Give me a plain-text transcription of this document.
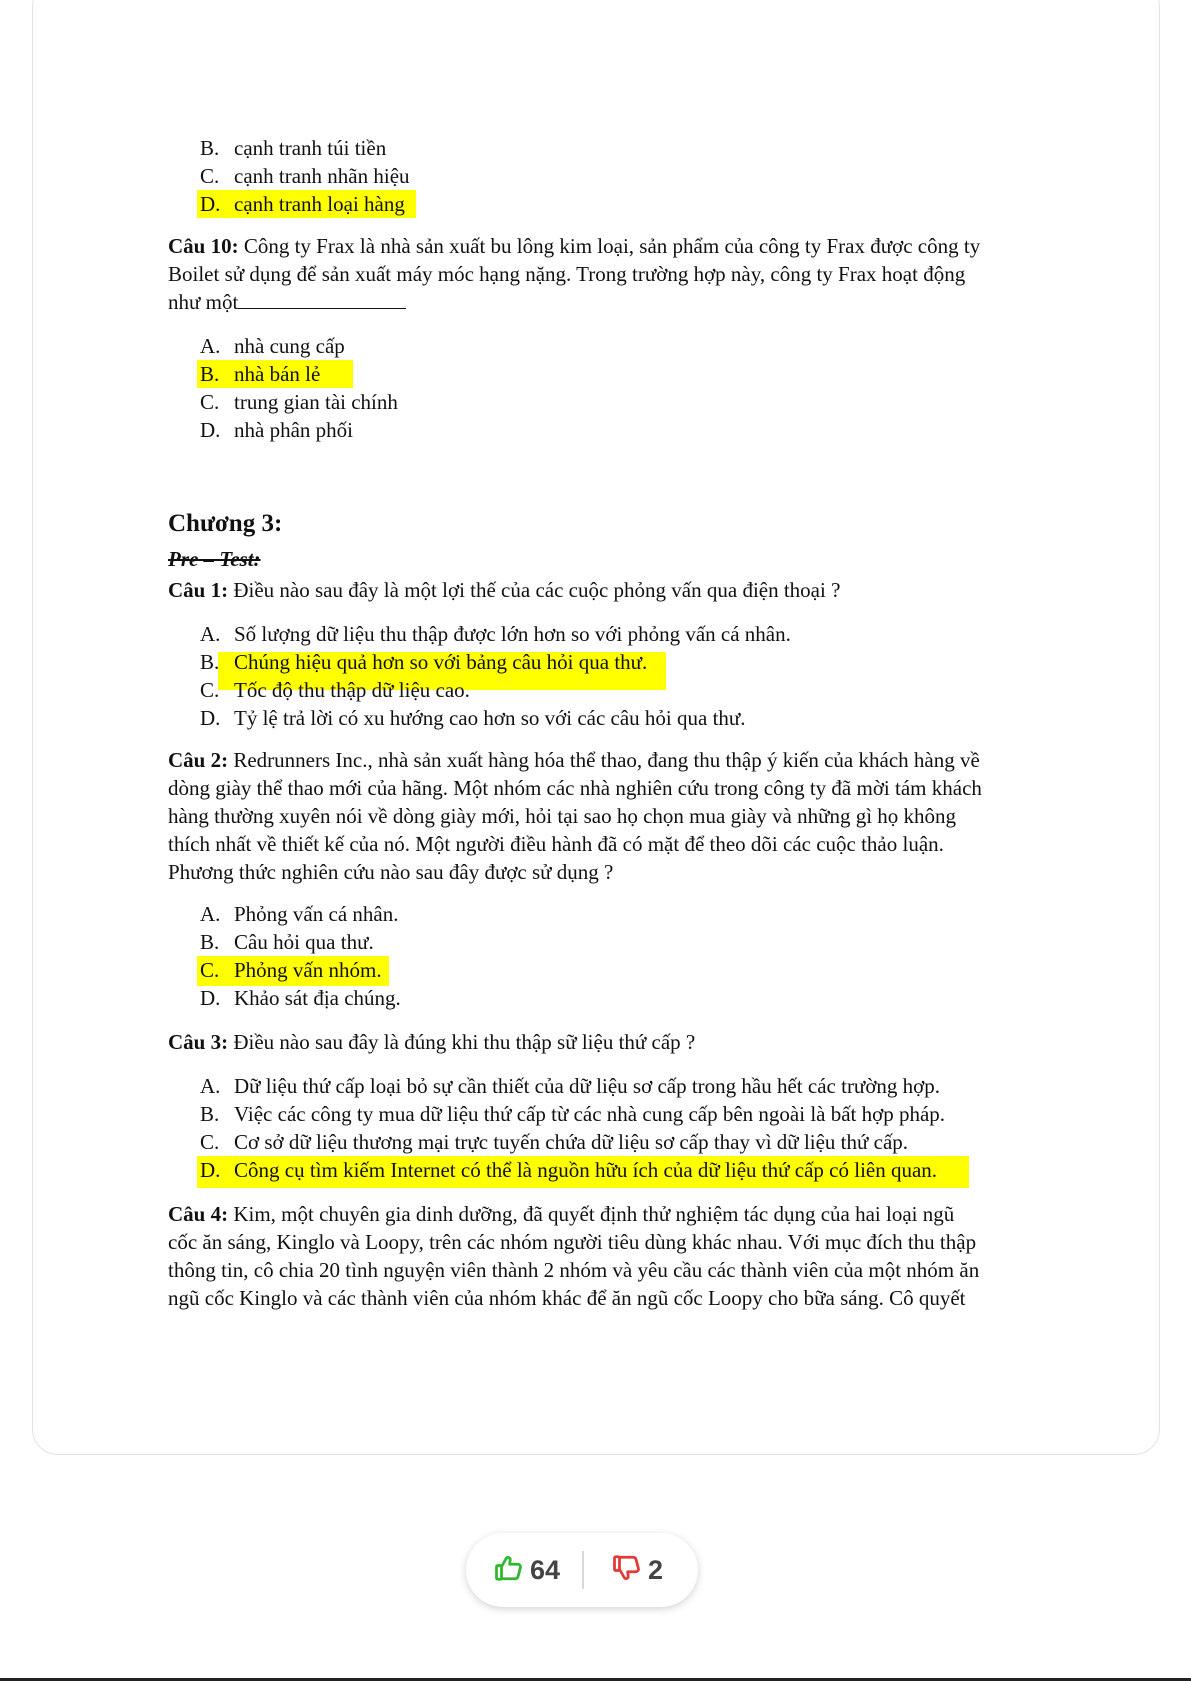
B. cạnh tranh túi tiền
C. cạnh tranh nhãn hiệu
D. cạnh tranh loại hàng
Câu 10: Công ty Frax là nhà sản xuất bu lông kim loại, sản phẩm của công ty Frax được công ty
Boilet sử dụng để sản xuất máy móc hạng nặng. Trong trường hợp này, công ty Frax hoạt động
như một
A. nhà cung cấp
B. nhà bán lẻ
C. trung gian tài chính
D. nhà phân phối
Chương 3:
Pre – Test:
Câu 1: Điều nào sau đây là một lợi thế của các cuộc phỏng vấn qua điện thoại ?
A. Số lượng dữ liệu thu thập được lớn hơn so với phỏng vấn cá nhân.
B. Chúng hiệu quả hơn so với bảng câu hỏi qua thư.
C. Tốc độ thu thập dữ liệu cao.
D. Tỷ lệ trả lời có xu hướng cao hơn so với các câu hỏi qua thư.
Câu 2: Redrunners Inc., nhà sản xuất hàng hóa thể thao, đang thu thập ý kiến của khách hàng về
dòng giày thể thao mới của hãng. Một nhóm các nhà nghiên cứu trong công ty đã mời tám khách
hàng thường xuyên nói về dòng giày mới, hỏi tại sao họ chọn mua giày và những gì họ không
thích nhất về thiết kế của nó. Một người điều hành đã có mặt để theo dõi các cuộc thảo luận.
Phương thức nghiên cứu nào sau đây được sử dụng ?
A. Phỏng vấn cá nhân.
B. Câu hỏi qua thư.
C. Phỏng vấn nhóm.
D. Khảo sát địa chúng.
Câu 3: Điều nào sau đây là đúng khi thu thập sữ liệu thứ cấp ?
A. Dữ liệu thứ cấp loại bỏ sự cần thiết của dữ liệu sơ cấp trong hầu hết các trường hợp.
B. Việc các công ty mua dữ liệu thứ cấp từ các nhà cung cấp bên ngoài là bất hợp pháp.
C. Cơ sở dữ liệu thương mại trực tuyến chứa dữ liệu sơ cấp thay vì dữ liệu thứ cấp.
D. Công cụ tìm kiếm Internet có thể là nguồn hữu ích của dữ liệu thứ cấp có liên quan.
Câu 4: Kim, một chuyên gia dinh dưỡng, đã quyết định thử nghiệm tác dụng của hai loại ngũ
cốc ăn sáng, Kinglo và Loopy, trên các nhóm người tiêu dùng khác nhau. Với mục đích thu thập
thông tin, cô chia 20 tình nguyện viên thành 2 nhóm và yêu cầu các thành viên của một nhóm ăn
ngũ cốc Kinglo và các thành viên của nhóm khác để ăn ngũ cốc Loopy cho bữa sáng. Cô quyết
64	2
